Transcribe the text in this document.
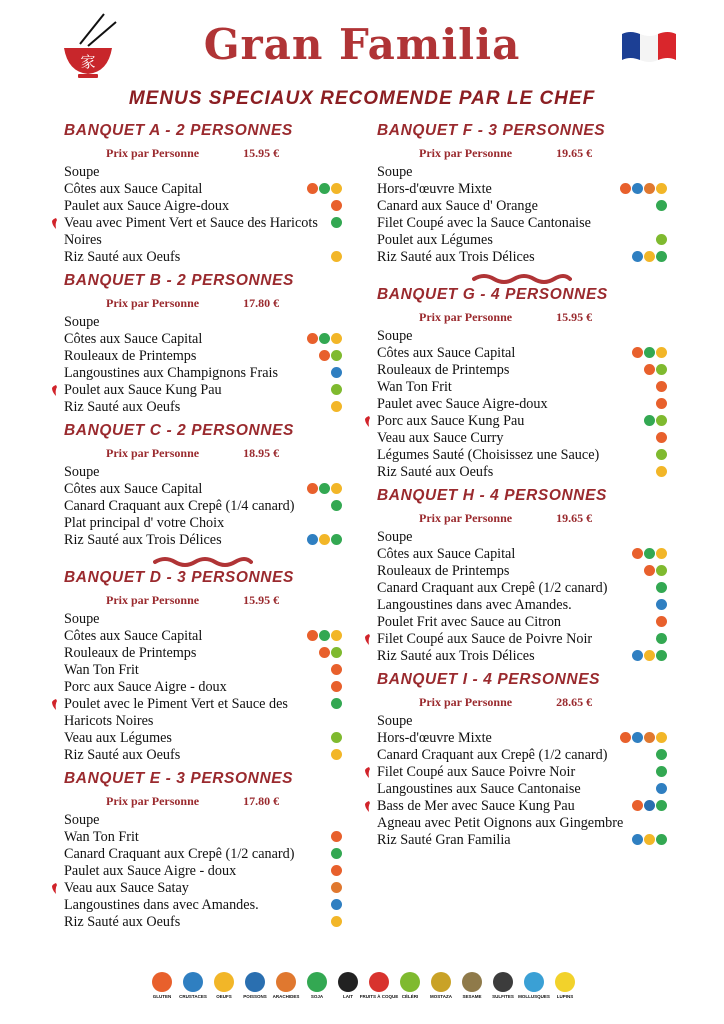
家	Gran Familia
MENUS SPECIAUX RECOMENDE PAR LE CHEF
BANQUET A - 2 PERSONNES
Prix par Personne	15.95 €
Soupe
Côtes aux Sauce Capital
Paulet aux Sauce Aigre-doux
Veau avec Piment Vert et Sauce des Haricots Noires
Riz Sauté aux Oeufs
BANQUET B - 2 PERSONNES
Prix par Personne	17.80 €
Soupe
Côtes aux Sauce Capital
Rouleaux de Printemps
Langoustines aux Champignons Frais
Poulet aux Sauce Kung Pau
Riz Sauté aux Oeufs
BANQUET C - 2 PERSONNES
Prix par Personne	18.95 €
Soupe
Côtes aux Sauce Capital
Canard Craquant aux Crepê (1/4 canard)
Plat principal d' votre Choix
Riz Sauté aux Trois Délices
BANQUET D - 3 PERSONNES
Prix par Personne	15.95 €
Soupe
Côtes aux Sauce Capital
Rouleaux de Printemps
Wan Ton Frit
Porc aux Sauce Aigre - doux
Poulet avec le Piment Vert et Sauce des Haricots Noires
Veau aux Légumes
Riz Sauté aux Oeufs
BANQUET E - 3 PERSONNES
Prix par Personne	17.80 €
Soupe
Wan Ton Frit
Canard Craquant aux Crepê (1/2 canard)
Paulet aux Sauce Aigre - doux
Veau aux Sauce Satay
Langoustines dans avec Amandes.
Riz Sauté aux Oeufs
BANQUET F - 3 PERSONNES
Prix par Personne	19.65 €
Soupe
Hors-d'œuvre Mixte
Canard aux Sauce d' Orange
Filet Coupé avec la Sauce Cantonaise
Poulet aux Légumes
Riz Sauté aux Trois Délices
BANQUET G - 4 PERSONNES
Prix par Personne	15.95 €
Soupe
Côtes aux Sauce Capital
Rouleaux de Printemps
Wan Ton Frit
Paulet avec Sauce Aigre-doux
Porc aux Sauce Kung Pau
Veau aux Sauce Curry
Légumes Sauté (Choisissez une Sauce)
Riz Sauté aux Oeufs
BANQUET H - 4 PERSONNES
Prix par Personne	19.65 €
Soupe
Côtes aux Sauce Capital
Rouleaux de Printemps
Canard Craquant aux Crepê (1/2 canard)
Langoustines dans avec Amandes.
Poulet Frit avec Sauce au Citron
Filet Coupé aux Sauce de Poivre Noir
Riz Sauté aux Trois Délices
BANQUET I - 4 PERSONNES
Prix par Personne	28.65 €
Soupe
Hors-d'œuvre Mixte
Canard Craquant aux Crepê (1/2 canard)
Filet Coupé aux Sauce Poivre Noir
Langoustines aux Sauce Cantonaise
Bass de Mer avec Sauce Kung Pau
Agneau avec Petit Oignons aux Gingembre
Riz Sauté Gran Familia
GLUTEN CRUSTACES OEUFS	POISSONS ARACHIDES	SOJA	LAIT FRUITS À COQUE CÉLÉRI	MOSTAZA SESAME SULFITES MOLLUSQUES LUPINS
